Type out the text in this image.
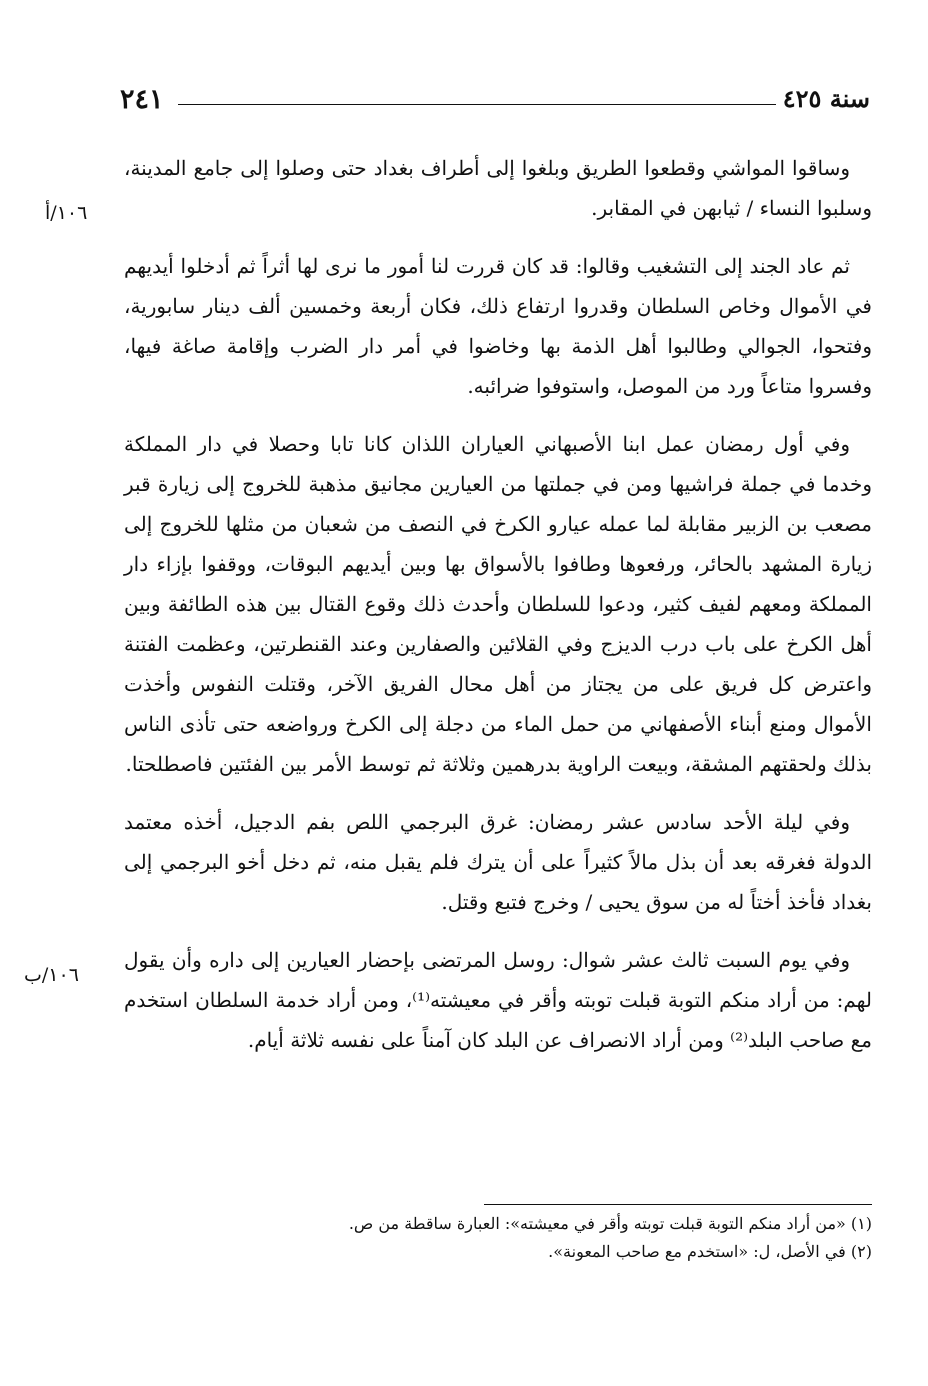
سنة ٤٢٥
٢٤١
١٠٦/أ
١٠٦/ب

وساقوا المواشي وقطعوا الطريق وبلغوا إلى أطراف بغداد حتى وصلوا إلى جامع المدينة، وسلبوا النساء / ثيابهن في المقابر.

ثم عاد الجند إلى التشغيب وقالوا: قد كان قررت لنا أمور ما نرى لها أثراً ثم أدخلوا أيديهم في الأموال وخاص السلطان وقدروا ارتفاع ذلك، فكان أربعة وخمسين ألف دينار سابورية، وفتحوا، الجوالي وطالبوا أهل الذمة بها وخاضوا في أمر دار الضرب وإقامة صاغة فيها، وفسروا متاعاً ورد من الموصل، واستوفوا ضرائبه.

وفي أول رمضان عمل ابنا الأصبهاني العياران اللذان كانا تابا وحصلا في دار المملكة وخدما في جملة فراشيها ومن في جملتها من العيارين مجانيق مذهبة للخروج إلى زيارة قبر مصعب بن الزبير مقابلة لما عمله عيارو الكرخ في النصف من شعبان من مثلها للخروج إلى زيارة المشهد بالحائر، ورفعوها وطافوا بالأسواق بها وبين أيديهم البوقات، ووقفوا بإزاء دار المملكة ومعهم لفيف كثير، ودعوا للسلطان وأحدث ذلك وقوع القتال بين هذه الطائفة وبين أهل الكرخ على باب درب الديزج وفي القلائين والصفارين وعند القنطرتين، وعظمت الفتنة واعترض كل فريق على من يجتاز من أهل محال الفريق الآخر، وقتلت النفوس وأخذت الأموال ومنع أبناء الأصفهاني من حمل الماء من دجلة إلى الكرخ ورواضعه حتى تأذى الناس بذلك ولحقتهم المشقة، وبيعت الراوية بدرهمين وثلاثة ثم توسط الأمر بين الفئتين فاصطلحتا.

وفي ليلة الأحد سادس عشر رمضان: غرق البرجمي اللص بفم الدجيل، أخذه معتمد الدولة فغرقه بعد أن بذل مالاً كثيراً على أن يترك فلم يقبل منه، ثم دخل أخو البرجمي إلى بغداد فأخذ أختاً له من سوق يحيى / وخرج فتبع وقتل.

وفي يوم السبت ثالث عشر شوال: روسل المرتضى بإحضار العيارين إلى داره وأن يقول لهم: من أراد منكم التوبة قبلت توبته وأقر في معيشته⁽¹⁾، ومن أراد خدمة السلطان استخدم مع صاحب البلد⁽²⁾ ومن أراد الانصراف عن البلد كان آمناً على نفسه ثلاثة أيام.

(١) «من أراد منكم التوبة قبلت توبته وأقر في معيشته»: العبارة ساقطة من ص.

(٢) في الأصل، ل: «استخدم مع صاحب المعونة».
